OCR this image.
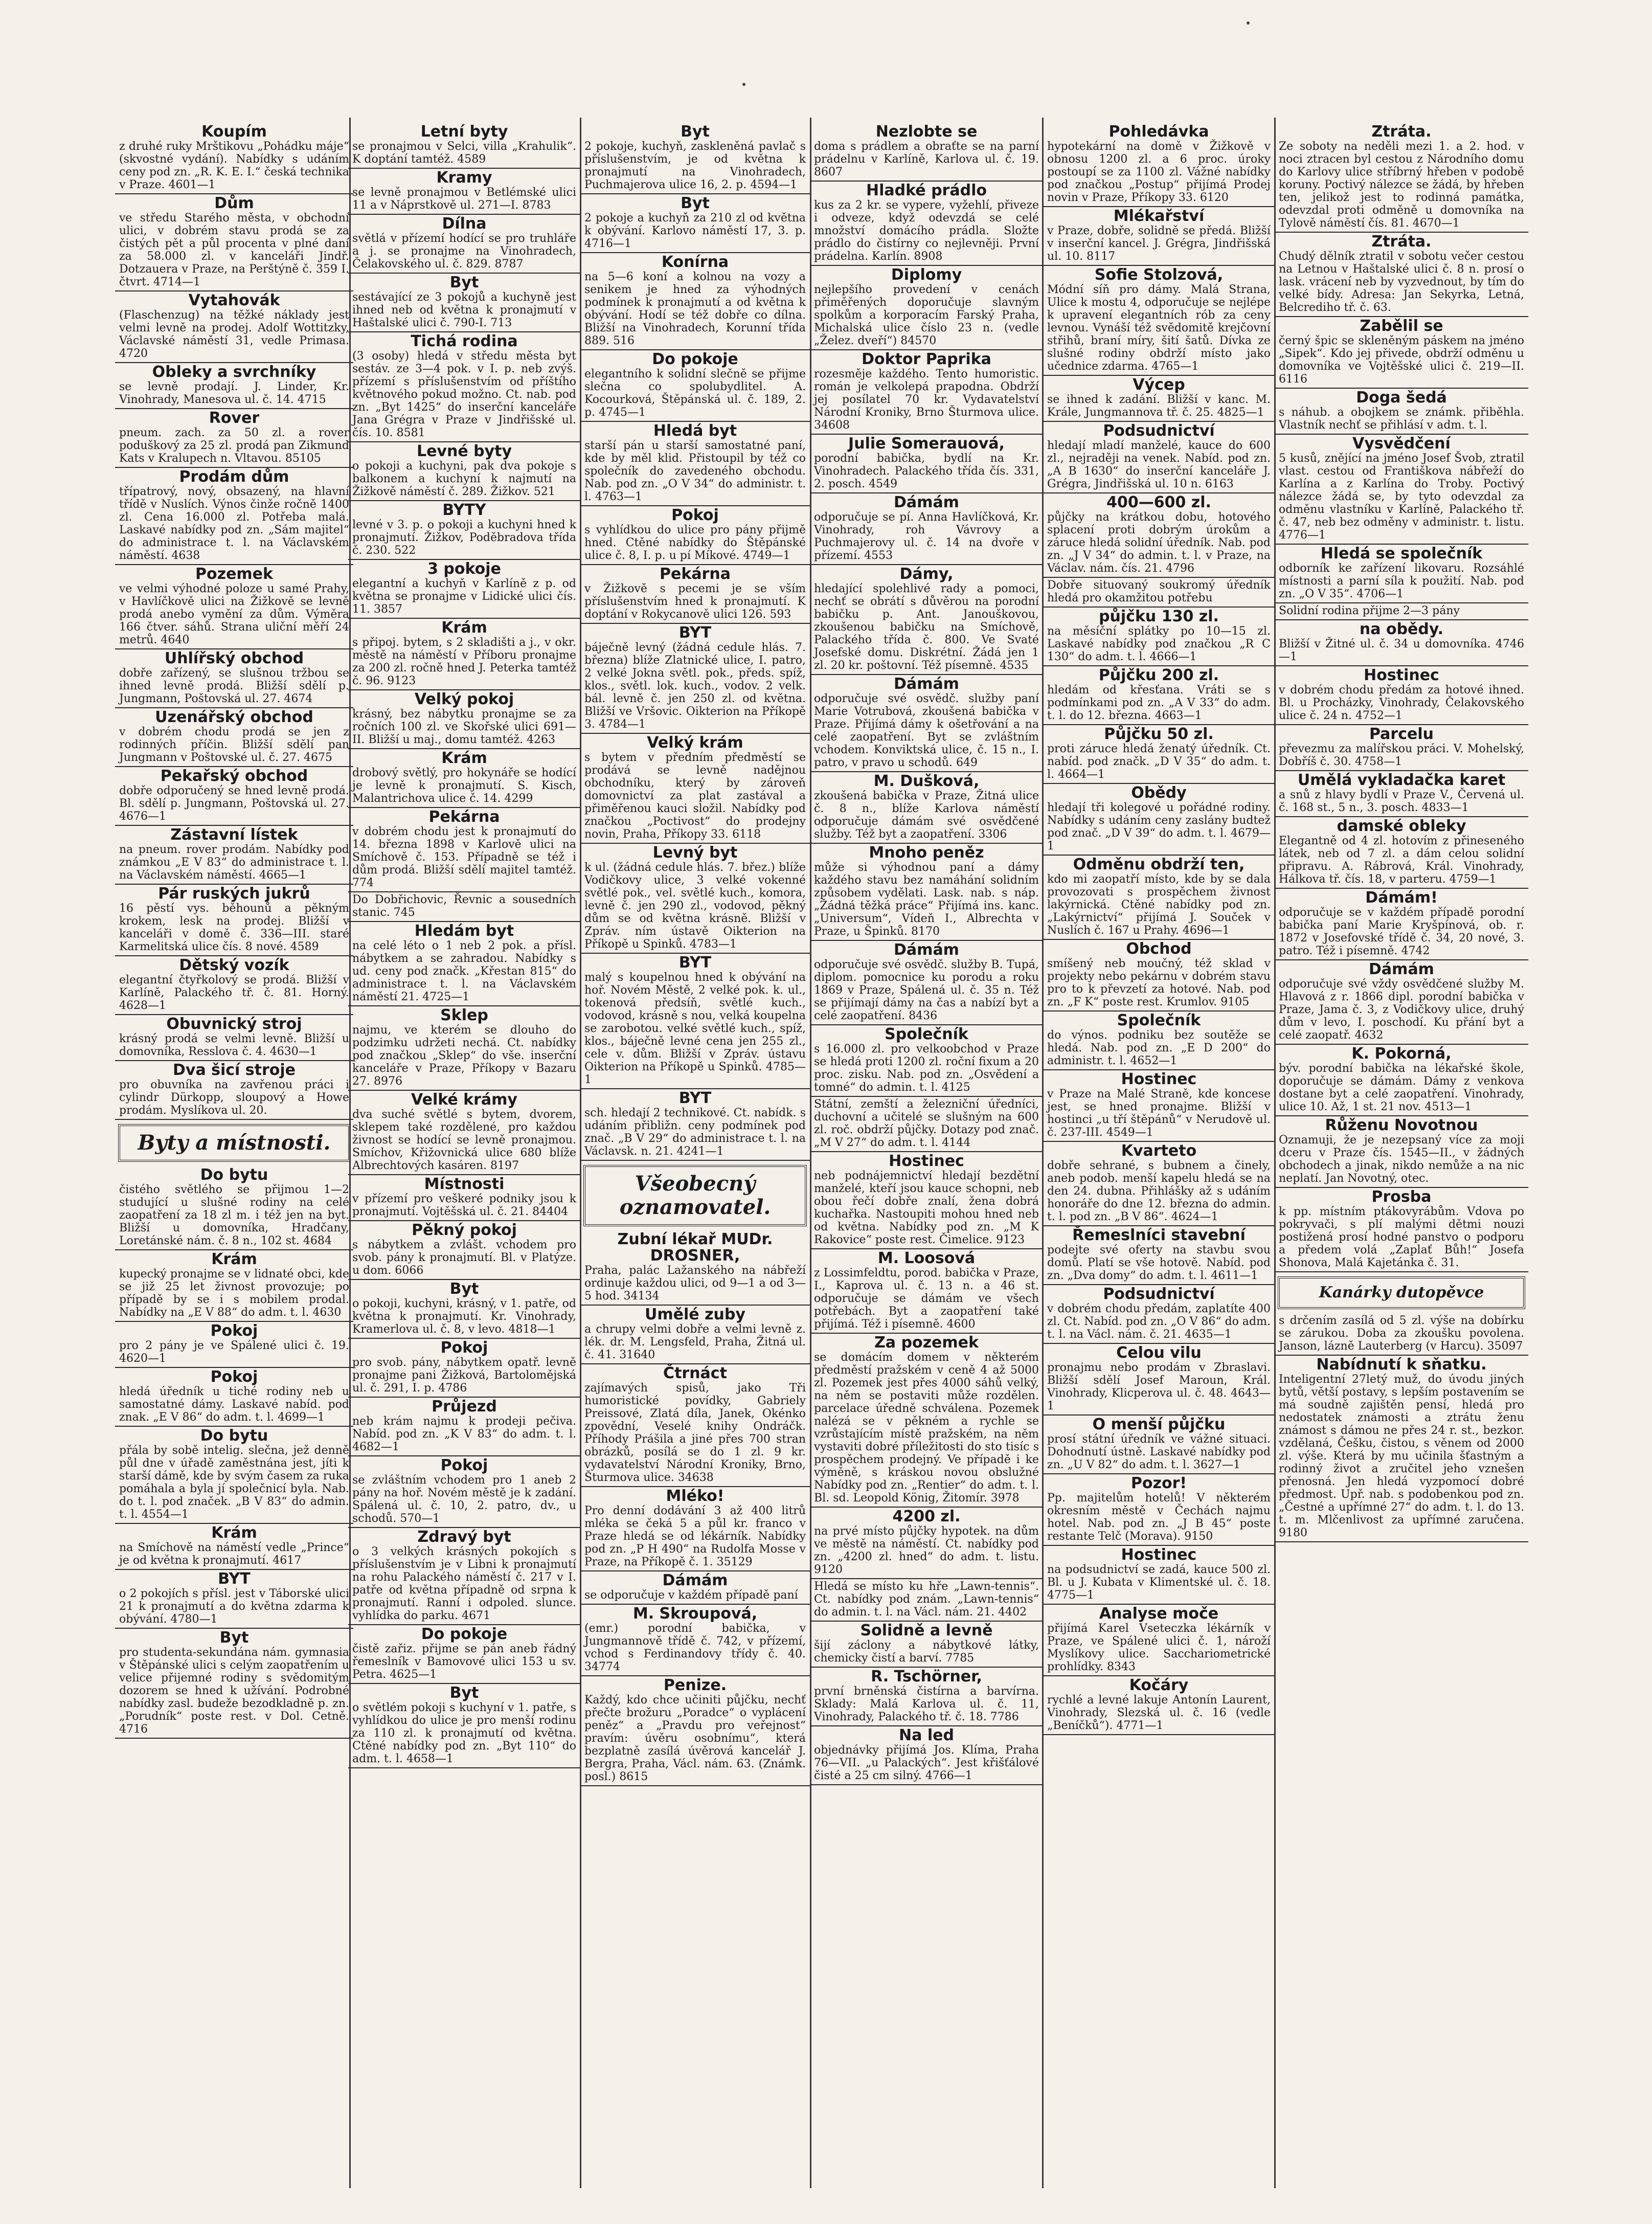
Koupím

z druhé ruky Mrštikovu „Pohádku máje“ (skvostné vydání). Nabídky s udáním ceny pod zn. „R. K. E. I.“ česká technika v Praze. 4601—1

Dům

ve středu Starého města, v obchodní ulici, v dobrém stavu prodá se za čistých pět a půl procenta v plné daní za 58.000 zl. v kanceláři Jindř. Dotzauera v Praze, na Perštýně č. 359 I. čtvrt. 4714—1

Vytahovák

(Flaschenzug) na těžké náklady jest velmi levně na prodej. Adolf Wottitzky, Václavské náměstí 31, vedle Primasa. 4720

Obleky a svrchníky

se levně prodají. J. Linder, Kr. Vinohrady, Manesova ul. č. 14. 4715

Rover

pneum. zach. za 50 zl. a rover poduškový za 25 zl. prodá pan Zikmund Kats v Kralupech n. Vltavou. 85105

Prodám dům

třípatrový, nový, obsazený, na hlavní třídě v Nuslích. Výnos činže ročně 1400 zl. Cena 16.000 zl. Potřeba malá. Laskavé nabídky pod zn. „Sám majitel“ do administrace t. l. na Václavském náměstí. 4638

Pozemek

ve velmi výhodné poloze u samé Prahy, v Havlíčkově ulici na Žižkově se levně prodá anebo vymění za dům. Výměra 166 čtver. sáhů. Strana uliční měří 24 metrů. 4640

Uhlířský obchod

dobře zařízený, se slušnou tržbou se ihned levně prodá. Bližší sdělí p. Jungmann, Poštovská ul. 27. 4674

Uzenářský obchod

v dobrém chodu prodá se jen z rodinných příčin. Bližší sdělí pan Jungmann v Poštovské ul. č. 27. 4675

Pekařský obchod

dobře odporučený se hned levně prodá. Bl. sdělí p. Jungmann, Poštovská ul. 27. 4676—1

Zástavní lístek

na pneum. rover prodám. Nabídky pod známkou „E V 83“ do administrace t. l. na Václavském náměstí. 4665—1

Pár ruských jukrů

16 pěstí vys. běhounů a pěkným krokem, lesk na prodej. Bližší v kanceláři v domě č. 336—III. staré Karmelitská ulice čís. 8 nové. 4589

Dětský vozík

elegantní čtyřkolový se prodá. Bližší v Karlíně, Palackého tř. č. 81. Horný. 4628—1

Obuvnický stroj

krásný prodá se velmi levně. Bližší u domovníka, Resslova č. 4. 4630—1

Dva šicí stroje

pro obuvníka na zavřenou práci i cylindr Dürkopp, sloupový a Howe prodám. Myslíkova ul. 20.

Byty a místnosti.
Do bytu

čistého světlého se přijmou 1—2 studující u slušné rodiny na celé zaopatření za 18 zl m. i též jen na byt. Bližší u domovníka, Hradčany, Loretánské nám. č. 8 n., 102 st. 4684

Krám

kupecký pronajme se v lidnaté obci, kde se již 25 let živnost provozuje; po případě by se i s mobilem prodal. Nabídky na „E V 88“ do adm. t. l. 4630

Pokoj

pro 2 pány je ve Spálené ulici č. 19. 4620—1

Pokoj

hledá úředník u tiché rodiny neb u samostatné dámy. Laskavé nabíd. pod znak. „E V 86“ do adm. t. l. 4699—1

Do bytu

přála by sobě intelig. slečna, jež denně půl dne v úřadě zaměstnána jest, jíti k starší dámě, kde by svým časem za ruka pomáhala a byla jí společnicí byla. Nab. do t. l. pod značek. „B V 83“ do admin. t. l. 4554—1

Krám

na Smíchově na náměstí vedle „Prince“ je od května k pronajmutí. 4617

BYT

o 2 pokojích s přísl. jest v Táborské ulici 21 k pronajmutí a do května zdarma k obývání. 4780—1

Byt

pro studenta-sekundána nám. gymnasia v Štěpánské ulici s celým zaopatřením u velice přijemné rodiny s svědomitým dozorem se hned k užívání. Podrobné nabídky zasl. budeže bezodkladně p. zn. „Porudník“ poste rest. v Dol. Cetně. 4716

Letní byty

se pronajmou v Selci, villa „Krahulik“. K doptání tamtéž. 4589

Kramy

se levně pronajmou v Betlémské ulici 11 a v Náprstkově ul. 271—I. 8783

Dílna

světlá v přízemí hodící se pro truhláře a j. se pronajme na Vinohradech, Čelakovského ul. č. 829. 8787

Byt

sestávající ze 3 pokojů a kuchyně jest ihned neb od května k pronajmutí v Haštalské ulici č. 790-I. 713

Tichá rodina

(3 osoby) hledá v středu města byt sestáv. ze 3—4 pok. v I. p. neb zvýš. přízemí s příslušenstvím od příštího květnového pokud možno. Ct. nab. pod zn. „Byt 1425“ do inserční kanceláře Jana Grégra v Praze v Jindřišské ul. čís. 10. 8581

Levné byty

o pokoji a kuchyni, pak dva pokoje s balkonem a kuchyní k najmutí na Žižkově náměstí č. 289. Žižkov. 521

BYTY

levné v 3. p. o pokoji a kuchyni hned k pronajmutí. Žižkov, Poděbradova třída č. 230. 522

3 pokoje

elegantní a kuchyň v Karlíně z p. od května se pronajme v Lidické ulici čís. 11. 3857

Krám

s připoj. bytem, s 2 skladišti a j., v okr. městě na náměstí v Příboru pronajme za 200 zl. ročně hned J. Peterka tamtéž č. 96. 9123

Velký pokoj

krásný, bez nábytku pronajme se za ročních 100 zl. ve Skořské ulici 691—II. Bližší u maj., domu tamtéž. 4263

Krám

drobový světlý, pro hokynáře se hodící je levně k pronajmutí. S. Kisch, Malantrichova ulice č. 14. 4299

Pekárna

v dobrém chodu jest k pronajmutí do 14. března 1898 v Karlově ulici na Smíchově č. 153. Případně se též i dům prodá. Bližší sdělí majitel tamtéž. 774

Do Dobřichovic, Řevnic a sousedních stanic. 745

Hledám byt

na celé léto o 1 neb 2 pok. a přísl. nábytkem a se zahradou. Nabídky s ud. ceny pod značk. „Křestan 815“ do administrace t. l. na Václavském náměstí 21. 4725—1

Sklep

najmu, ve kterém se dlouho do podzimku udržeti nechá. Ct. nabídky pod značkou „Sklep“ do vše. inserční kanceláře v Praze, Příkopy v Bazaru 27. 8976

Velké krámy

dva suché světlé s bytem, dvorem, sklepem také rozdělené, pro každou živnost se hodící se levně pronajmou. Smíchov, Křižovnická ulice 680 blíže Albrechtových kasáren. 8197

Místnosti

v přízemí pro veškeré podniky jsou k pronajmutí. Vojtěšská ul. č. 21. 84404

Pěkný pokoj

s nábytkem a zvlášt. vchodem pro svob. pány k pronajmutí. Bl. v Platýze. u dom. 6066

Byt

o pokoji, kuchyni, krásný, v 1. patře, od května k pronajmutí. Kr. Vinohrady, Kramerlova ul. č. 8, v levo. 4818—1

Pokoj

pro svob. pány, nábytkem opatř. levně pronajme pani Žižková, Bartolomějská ul. č. 291, I. p. 4786

Průjezd

neb krám najmu k prodeji pečiva. Nabíd. pod zn. „K V 83“ do adm. t. l. 4682—1

Pokoj

se zvláštním vchodem pro 1 aneb 2 pány na hoř. Novém městě je k zadání. Spálená ul. č. 10, 2. patro, dv., u schodů. 570—1

Zdravý byt

o 3 velkých krásných pokojích s příslušenstvím je v Libni k pronajmutí na rohu Palackého náměstí č. 217 v I. patře od května případně od srpna k pronajmutí. Ranní i odpoled. slunce. vyhlídka do parku. 4671

Do pokoje

čistě zařiz. přijme se pán aneb řádný řemeslník v Bamovové ulici 153 u sv. Petra. 4625—1

Byt

o světlém pokoji s kuchyní v 1. patře, s vyhlídkou do ulice je pro menší rodinu za 110 zl. k pronajmutí od května. Ctěné nabídky pod zn. „Byt 110“ do adm. t. l. 4658—1

Byt

2 pokoje, kuchyň, zaskleněná pavlač s příslušenstvím, je od května k pronajmutí na Vinohradech, Puchmajerova ulice 16, 2. p. 4594—1

Byt

2 pokoje a kuchyň za 210 zl od května k obývání. Karlovo náměstí 17, 3. p. 4716—1

Konírna

na 5—6 koní a kolnou na vozy a senikem je hned za výhodných podmínek k pronajmutí a od května k obývání. Hodí se též dobře co dílna. Bližší na Vinohradech, Korunní třída 889. 516

Do pokoje

elegantního k solidní slečně se přijme slečna co spolubydlitel. A. Kocourková, Štěpánská ul. č. 189, 2. p. 4745—1

Hledá byt

starší pán u starší samostatné paní, kde by měl klid. Přistoupil by též co společník do zavedeného obchodu. Nab. pod zn. „O V 34“ do administr. t. l. 4763—1

Pokoj

s vyhlídkou do ulice pro pány přijmě hned. Ctěné nabídky do Štěpánské ulice č. 8, I. p. u pí Míkové. 4749—1

Pekárna

v Žižkově s pecemi je se vším příslušenstvím hned k pronajmutí. K doptání v Rokycanově ulici 126. 593

BYT

báječně levný (žádná cedule hlás. 7. března) blíže Zlatnické ulice, I. patro, 2 velké Jokna světl. pok., předs. spíž, klos., světl. lok. kuch., vodov. 2 velk. bál. levně č. jen 250 zl. od května. Bližší ve Vršovic. Oikterion na Příkopě 3. 4784—1

Velký krám

s bytem v předním předměstí se prodává se levně nadějnou obchodníku, který by zároveň domovnictví za plat zastával a přiměřenou kauci složil. Nabídky pod značkou „Poctivost“ do prodejny novin, Praha, Příkopy 33. 6118

Levný byt

k ul. (žádná cedule hlás. 7. břez.) blíže Vodičkovy ulice, 3 velké vokenné světlé pok., vel. světlé kuch., komora, levně č. jen 290 zl., vodovod, pěkný dům se od května krásně. Bližší v Zpráv. ním ústavě Oikterion na Příkopě u Spinků. 4783—1

BYT

malý s koupelnou hned k obývání na hoř. Novém Městě, 2 velké pok. k. ul., tokenová předsíň, světlé kuch., vodovod, krásně s nou, velká koupelna se zarobotou. velké světlé kuch., spíž, klos., báječně levné cena jen 255 zl., cele v. dům. Bližší v Zpráv. ústavu Oikterion na Příkopě u Spinků. 4785—1

BYT

sch. hledají 2 technikové. Ct. nabídk. s udáním přibližn. ceny podmínek pod znač. „B V 29“ do administrace t. l. na Václavsk. n. 21. 4241—1

Všeobecný oznamovatel.
Zubní lékař MUDr. DROSNER,

Praha, palác Lažanského na nábřeží ordinuje každou ulici, od 9—1 a od 3—5 hod. 34134

Umělé zuby

a chrupy velmi dobře a velmi levně z. lék. dr. M. Lengsfeld, Praha, Žitná ul. č. 41. 31640

Čtrnáct

zajímavých spisů, jako Tři humoristické povídky, Gabriely Preissové, Zlatá díla, Janek, Okénko zpovědní, Veselé knihy Ondráčk. Příhody Prášila a jiné přes 700 stran obrázků, posílá se do 1 zl. 9 kr. vydavatelství Národní Kroniky, Brno, Šturmova ulice. 34638

Mléko!

Pro denní dodávání 3 až 400 litrů mléka se čeká 5 a půl kr. franco v Praze hledá se od lékárník. Nabídky pod zn. „P H 490“ na Rudolfa Mosse v Praze, na Příkopě č. 1. 35129

Dámám

se odporučuje v každém případě paní

M. Skroupová,

(emr.) porodní babička, v Jungmannově třídě č. 742, v přízemí, vchod s Ferdinandovy třídy č. 40. 34774

Penize.

Každý, kdo chce učiniti půjčku, nechť přečte brožuru „Poradce“ o vyplácení peněz“ a „Pravdu pro veřejnost“ pravím: úvěru osobnímu“, která bezplatně zasílá úvěrová kancelář J. Bergra, Praha, Václ. nám. 63. (Známk. posl.) 8615

Nezlobte se

doma s prádlem a obraťte se na parní prádelnu v Karlíně, Karlova ul. č. 19. 8607

Hladké prádlo

kus za 2 kr. se vypere, vyžehlí, přiveze i odveze, když odevzdá se celé množství domácího prádla. Složte prádlo do čistírny co nejlevněji. První prádelna. Karlín. 8908

Diplomy

nejlepšího provedení v cenách přiměřených doporučuje slavným spolkům a korporacím Farský Praha, Michalská ulice číslo 23 n. (vedle „Želez. dveří“) 84570

Doktor Paprika

rozesměje každého. Tento humoristic. román je velkolepá prapodna. Obdrží jej posílatel 70 kr. Vydavatelství Národní Kroniky, Brno Šturmova ulice. 34608

Julie Somerauová,

porodní babička, bydlí na Kr. Vinohradech. Palackého třída čís. 331, 2. posch. 4549

Dámám

odporučuje se pí. Anna Havlíčková, Kr. Vinohrady, roh Vávrovy a Puchmajerovy ul. č. 14 na dvoře v přízemí. 4553

Dámy,

hledající spolehlivé rady a pomoci, nechť se obrátí s důvěrou na porodní babičku p. Ant. Janouškovou, zkoušenou babičku na Smíchově, Palackého třída č. 800. Ve Svaté Josefské domu. Diskrétní. Žádá jen 1 zl. 20 kr. poštovní. Též písemně. 4535

Dámám

odporučuje své osvědč. služby paní Marie Votrubová, zkoušená babička v Praze. Přijímá dámy k ošetřování a na celé zaopatření. Byt se zvláštním vchodem. Konviktská ulice, č. 15 n., I. patro, v pravo u schodů. 649

M. Dušková,

zkoušená babička v Praze, Žitná ulice č. 8 n., blíže Karlova náměstí odporučuje dámám své osvědčené služby. Též byt a zaopatření. 3306

Mnoho peněz

může si výhodnou paní a dámy každého stavu bez namáhání solidním způsobem vydělati. Lask. nab. s náp. „Žádná těžká práce“ Přijímá ins. kanc. „Universum“, Vídeň I., Albrechta v Praze, u Špinků. 8170

Dámám

odporučuje své osvědč. služby B. Tupá, diplom. pomocnice ku porodu a roku 1869 v Praze, Spálená ul. č. 35 n. Též se přijímají dámy na čas a nabízí byt a celé zaopatření. 8436

Společník

s 16.000 zl. pro velkoobchod v Praze se hledá proti 1200 zl. roční fixum a 20 proc. zisku. Nab. pod zn. „Osvědení a tomné“ do admin. t. l. 4125

Státní, zemští a železniční úředníci, duchovní a učitelé se slušným na 600 zl. roč. obdrží půjčky. Dotazy pod znač. „M V 27“ do adm. t. l. 4144

Hostinec

neb podnájemnictví hledají bezdětní manželé, kteří jsou kauce schopni, neb obou řečí dobře znalí, žena dobrá kuchařka. Nastoupiti mohou hned neb od května. Nabídky pod zn. „M K Rakovice“ poste rest. Čimelice. 9123

M. Loosová

z Lossimfeldtu, porod. babička v Praze, I., Kaprova ul. č. 13 n. a 46 st. odporučuje se dámám ve všech potřebách. Byt a zaopatření také přijímá. Též i písemně. 4600

Za pozemek

se domácím domem v některém předměstí pražském v ceně 4 až 5000 zl. Pozemek jest přes 4000 sáhů velký, na něm se postaviti může rozdělen. parcelace úředně schválena. Pozemek nalézá se v pěkném a rychle se vzrůstajícím místě pražském, na něm vystaviti dobré příležitosti do sto tisíc s prospěchem prodejný. Ve případě i ke výměně, s kráskou novou obslužné Nabídky pod zn. „Rentier“ do adm. t. l. Bl. sd. Leopold König, Žitomír. 3978

4200 zl.

na prvé místo půjčky hypotek. na dům ve městě na náměstí. Ct. nabídky pod zn. „4200 zl. hned“ do adm. t. listu. 9120

Hledá se místo ku hře „Lawn-tennis“. Ct. nabídky pod znám. „Lawn-tennis“ do admin. t. l. na Václ. nám. 21. 4402

Solidně a levně

šijí záclony a nábytkové látky, chemicky čistí a barví. 7785

R. Tschörner,

první brněnská čistírna a barvírna. Sklady: Malá Karlova ul. č. 11, Vinohrady, Palackého tř. č. 18. 7786

Na led

objednávky přijímá Jos. Klíma, Praha 76—VII. „u Palackých“. Jest křišťálové čisté a 25 cm silný. 4766—1

Pohledávka

hypotekární na domě v Žižkově v obnosu 1200 zl. a 6 proc. úroky postoupí se za 1100 zl. Vážné nabídky pod značkou „Postup“ přijímá Prodej novin v Praze, Příkopy 33. 6120

Mlékařství

v Praze, dobře, solidně se předá. Bližší v inserční kancel. J. Grégra, Jindřišská ul. 10. 8117

Sofie Stolzová,

Módní síň pro dámy. Malá Strana, Ulice k mostu 4, odporučuje se nejlépe k upravení elegantních rób za ceny levnou. Vynáší též svědomitě krejčovní střihů, braní míry, šití šatů. Dívka ze slušné rodiny obdrží místo jako učednice zdarma. 4765—1

Výcep

se ihned k zadání. Bližší v kanc. M. Krále, Jungmannova tř. č. 25. 4825—1

Podsudnictví

hledají mladí manželé, kauce do 600 zl., nejraději na venek. Nabíd. pod zn. „A B 1630“ do inserční kanceláře J. Grégra, Jindřišská ul. 10 n. 6163

400—600 zl.

půjčky na krátkou dobu, hotového splacení proti dobrým úrokům a záruce hledá solidní úředník. Nab. pod zn. „J V 34“ do admin. t. l. v Praze, na Václav. nám. čís. 21. 4796

Dobře situovaný soukromý úředník hledá pro okamžitou potřebu

půjčku 130 zl.

na měsíční splátky po 10—15 zl. Laskavé nabídky pod značkou „R C 130“ do adm. t. l. 4666—1

Půjčku 200 zl.

hledám od křesťana. Vráti se s podmínkami pod zn. „A V 33“ do adm. t. l. do 12. března. 4663—1

Půjčku 50 zl.

proti záruce hledá ženatý úředník. Ct. nabíd. pod značk. „D V 35“ do adm. t. l. 4664—1

Obědy

hledají tři kolegové u pořádné rodiny. Nabídky s udáním ceny zaslány budtež pod znač. „D V 39“ do adm. t. l. 4679—1

Odměnu obdrží ten,

kdo mi zaopatří místo, kde by se dala provozovati s prospěchem živnost lakýrnická. Ctěné nabídky pod zn. „Lakýrnictví“ přijímá J. Souček v Nuslích č. 167 u Prahy. 4696—1

Obchod

smíšený neb moučný, též sklad v projekty nebo pekárnu v dobrém stavu pro to k převzetí za hotové. Nab. pod zn. „F K“ poste rest. Krumlov. 9105

Společník

do výnos. podniku bez soutěže se hledá. Nab. pod zn. „E D 200“ do administr. t. l. 4652—1

Hostinec

v Praze na Malé Straně, kde koncese jest, se hned pronajme. Bližší v hostinci „u tří štěpánů“ v Nerudově ul. č. 237-III. 4549—1

Kvarteto

dobře sehrané, s bubnem a činely, aneb podob. menší kapelu hledá se na den 24. dubna. Přihlášky až s udáním honoráře do dne 12. března do admin. t. l. pod zn. „B V 86“. 4624—1

Řemeslníci stavební

podejte své oferty na stavbu svou domů. Platí se vše hotově. Nabíd. pod zn. „Dva domy“ do adm. t. l. 4611—1

Podsudnictví

v dobrém chodu předám, zaplatíte 400 zl. Ct. Nabíd. pod zn. „O V 86“ do adm. t. l. na Václ. nám. č. 21. 4635—1

Celou vilu

pronajmu nebo prodám v Zbraslavi. Bližší sdělí Josef Maroun, Král. Vinohrady, Klicperova ul. č. 48. 4643—1

O menší půjčku

prosí státní úředník ve vážné situaci. Dohodnutí ústně. Laskavé nabídky pod zn. „U V 82“ do adm. t. l. 3627—1

Pozor!

Pp. majitelům hotelů! V některém okresním městě v Čechách najmu hotel. Nab. pod zn. „J B 45“ poste restante Telč (Morava). 9150

Hostinec

na podsudnictví se zadá, kauce 500 zl. Bl. u J. Kubata v Klimentské ul. č. 18. 4775—1

Analyse moče

přijímá Karel Vseteczka lékárník v Praze, ve Spálené ulici č. 1, nároží Myslíkovy ulice. Sacchariometrické prohlídky. 8343

Kočáry

rychlé a levné lakuje Antonín Laurent, Vinohrady, Slezská ul. č. 16 (vedle „Beníčků“). 4771—1

Ztráta.

Ze soboty na neděli mezi 1. a 2. hod. v noci ztracen byl cestou z Národního domu do Karlovy ulice stříbrný hřeben v podobě koruny. Poctivý nálezce se žádá, by hřeben ten, jelikož jest to rodinná památka, odevzdal proti odměně u domovníka na Tylově náměstí čís. 81. 4670—1

Ztráta.

Chudý dělník ztratil v sobotu večer cestou na Letnou v Haštalské ulici č. 8 n. prosí o lask. vrácení neb by vyzvednout, by tím do velké bídy. Adresa: Jan Sekyrka, Letná, Belcrediho tř. č. 63.

Zabělil se

černý špic se skleněným páskem na jméno „Sipek“. Kdo jej přivede, obdrží odměnu u domovníka ve Vojtěšské ulici č. 219—II. 6116

Doga šedá

s náhub. a obojkem se známk. přiběhla. Vlastník nechť se přihlásí v adm. t. l.

Vysvědčení

5 kusů, znějící na jméno Josef Švob, ztratil vlast. cestou od Františkova nábřeží do Karlína a z Karlína do Troby. Poctivý nálezce žádá se, by tyto odevzdal za odměnu vlastníku v Karlíně, Palackého tř. č. 47, neb bez odměny v administr. t. listu. 4776—1

Hledá se společník

odborník ke zařízení likovaru. Rozsáhlé místnosti a parní síla k použití. Nab. pod zn. „O V 35“. 4706—1

Solidní rodina přijme 2—3 pány

na obědy.

Bližší v Žitné ul. č. 34 u domovníka. 4746—1

Hostinec

v dobrém chodu předám za hotové ihned. Bl. u Procházky, Vinohrady, Čelakovského ulice č. 24 n. 4752—1

Parcelu

převezmu za malířskou práci. V. Mohelský, Dobříš č. 30. 4758—1

Umělá vykladačka karet

a snů z hlavy bydlí v Praze V., Červená ul. č. 168 st., 5 n., 3. posch. 4833—1

damské obleky

Elegantně od 4 zl. hotovím z přineseného látek, neb od 7 zl. a dám celou solidní připravu. A. Rábrová, Král. Vinohrady, Hálkova tř. čís. 18, v parteru. 4759—1

Dámám!

odporučuje se v každém případě porodní babička paní Marie Kryšpínová, ob. r. 1872 v Josefovské třídě č. 34, 20 nové, 3. patro. Též i písemně. 4742

Dámám

odporučuje své vždy osvědčené služby M. Hlavová z r. 1866 dipl. porodní babička v Praze, Jama č. 3, z Vodičkovy ulice, druhý dům v levo, I. poschodí. Ku přání byt a celé zaopatř. 4632

K. Pokorná,

býv. porodní babička na lékařské škole, doporučuje se dámám. Dámy z venkova dostane byt a celé zaopatření. Vinohrady, ulice 10. Až, 1 st. 21 nov. 4513—1

Růženu Novotnou

Oznamuji, že je nezepsaný více za moji dceru v Praze čís. 1545—II., v žádných obchodech a jinak, nikdo nemůže a na nic neplatí. Jan Novotný, otec.

Prosba

k pp. místním ptákovyrábům. Vdova po pokryvači, s plí malými dětmi nouzi postižená prosí hodné panstvo o podporu a předem volá „Zaplať Bůh!“ Josefa Shonova, Malá Kajetánka č. 31.

Kanárky dutopěvce

s drčením zasílá od 5 zl. výše na dobírku se zárukou. Doba za zkoušku povolena. Janson, lázně Lauterberg (v Harcu). 35097

Nabídnutí k sňatku.

Inteligentní 27letý muž, do úvodu jiných bytů, větší postavy, s lepším postavením se má soudně zajištěn pensí, hledá pro nedostatek známosti a ztrátu ženu známost s dámou ne přes 24 r. st., bezkor. vzdělaná, Češku, čistou, s věnem od 2000 zl. výše. Která by mu učinila šťastným a rodinný život a zručitel jeho vznešen přenosná. Jen hledá vyzpomocí dobré předmost. Upř. nab. s podobenkou pod zn. „Čestné a upřímné 27“ do adm. t. l. do 13. t. m. Mlčenlivost za upřímné zaručena. 9180
